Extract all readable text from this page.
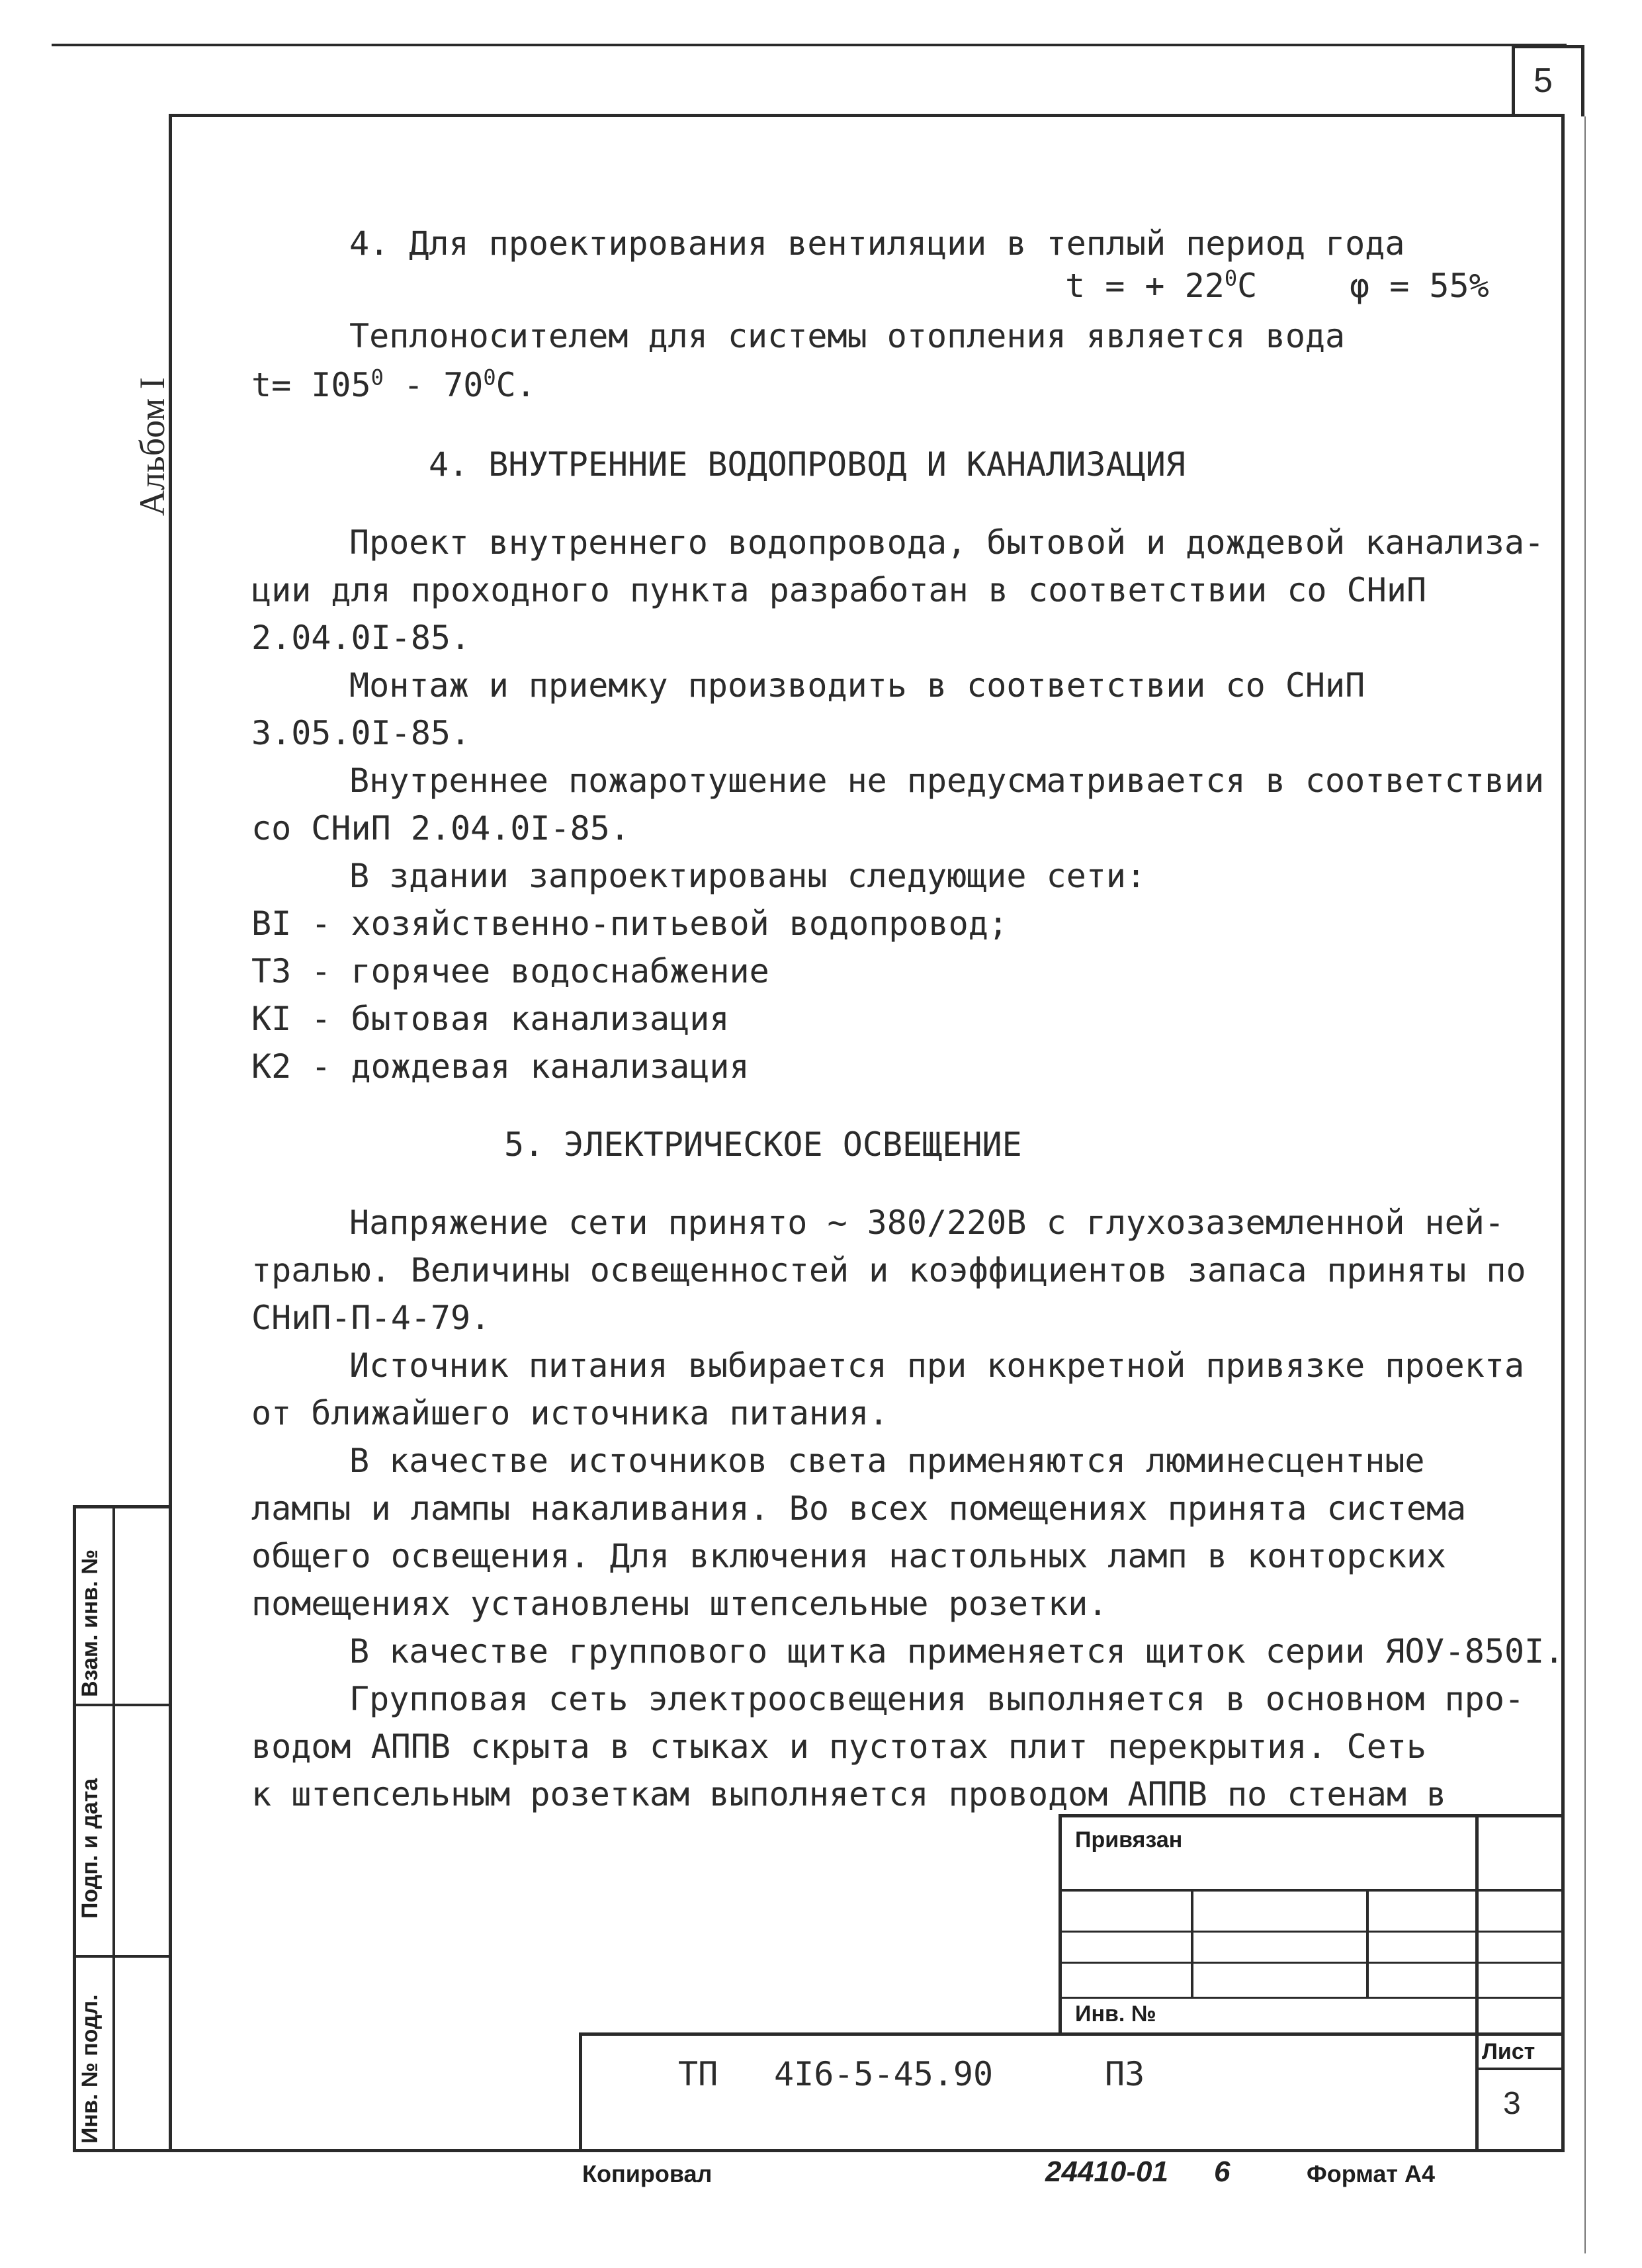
5
Альбом I
4. Для проектирования вентиляции в теплый период года
t = + $22^0C$	φ = 55%
Теплоносителем для системы отопления является вода
$t= I05^0 - 70^0C$.
4. ВНУТРЕННИЕ ВОДОПРОВОД И КАНАЛИЗАЦИЯ
Проект внутреннего водопровода, бытовой и дождевой канализа-
ции для проходного пункта разработан в соответствии со СНиП
2.04.0I-85.
Монтаж и приемку производить в соответствии со СНиП
3.05.0I-85.
Внутреннее пожаротушение не предусматривается в соответствии
со СНиП 2.04.0I-85.
В здании запроектированы следующие сети:
BI - хозяйственно-питьевой водопровод;
Т3 - горячее водоснабжение
КI - бытовая канализация
К2 - дождевая канализация
5. ЭЛЕКТРИЧЕСКОЕ ОСВЕЩЕНИЕ
Напряжение сети принято ~ 380/220В с глухозаземленной ней-
тралью. Величины освещенностей и коэффициентов запаса приняты по
СНиП-П-4-79.
Источник питания выбирается при конкретной привязке проекта
от ближайшего источника питания.
В качестве источников света применяются люминесцентные
лампы и лампы накаливания. Во всех помещениях принята система
общего освещения. Для включения настольных ламп в конторских
помещениях установлены штепсельные розетки.
В качестве группового щитка применяется щиток серии ЯОУ-850I.
Групповая сеть электроосвещения выполняется в основном про-
водом АППВ скрыта в стыках и пустотах плит перекрытия. Сеть
к штепсельным розеткам выполняется проводом АППВ по стенам в
Взам. инв. №
Подп. и дата
Инв. № подл.
Привязан
Инв. №
Лист
3
ТП 4I6-5-45.90	ПЗ
Копировал	24410-01 6	Формат А4
